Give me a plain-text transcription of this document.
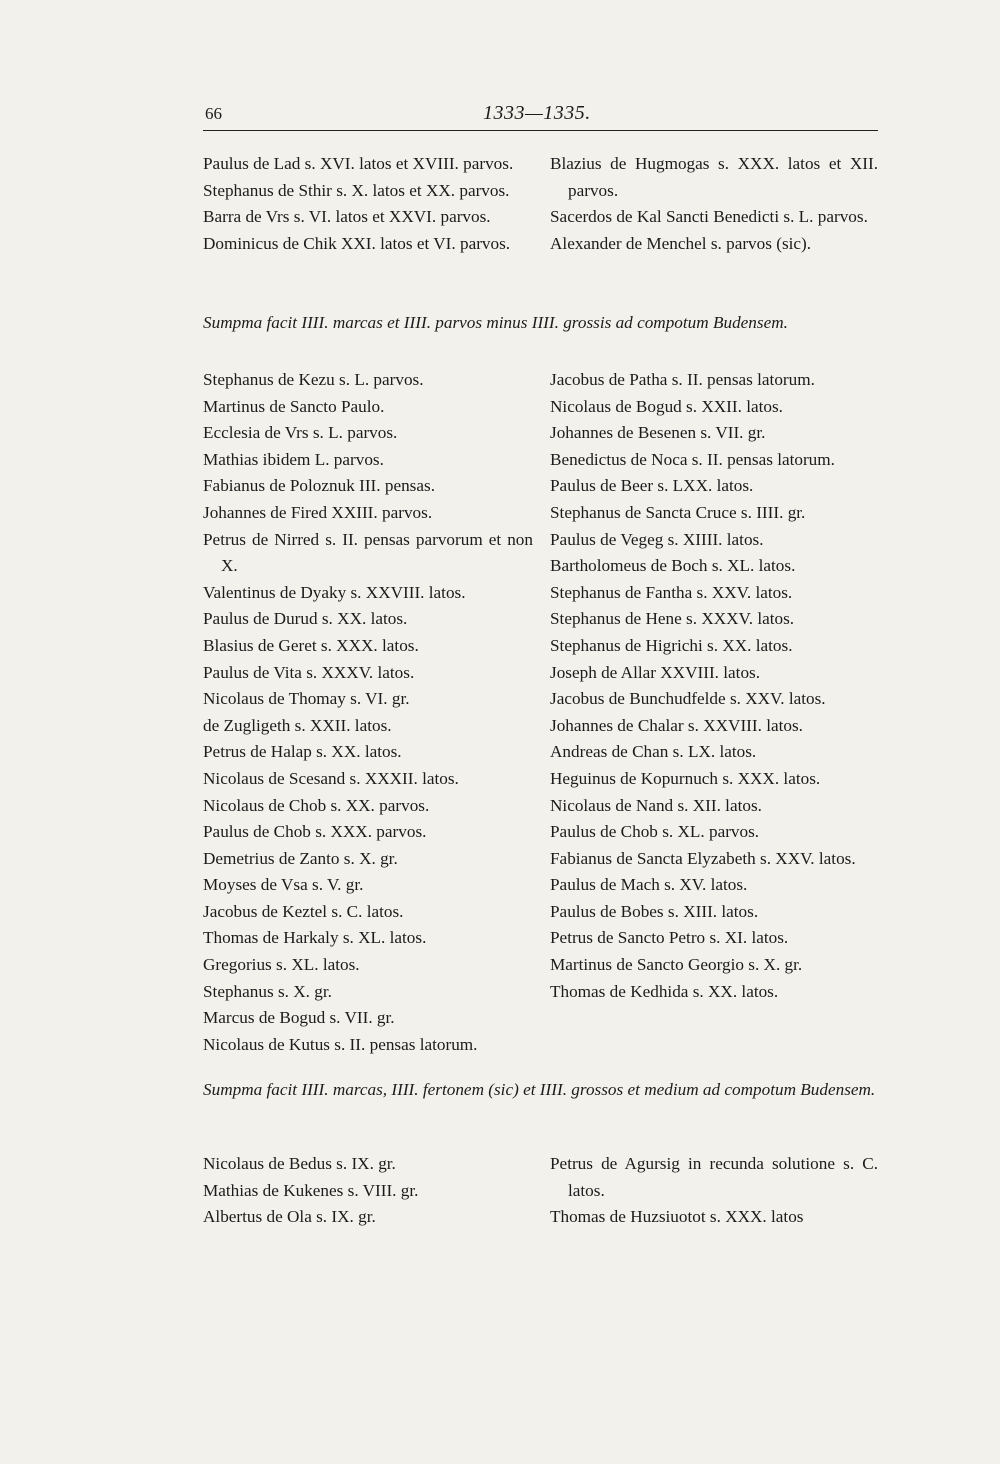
66	1333—1335.

Paulus de Lad s. XVI. latos et XVIII. parvos.

Stephanus de Sthir s. X. latos et XX. parvos.

Barra de Vrs s. VI. latos et XXVI. parvos.

Dominicus de Chik XXI. latos et VI. parvos.

Blazius de Hugmogas s. XXX. latos et XII. parvos.

Sacerdos de Kal Sancti Benedicti s. L. parvos.

Alexander de Menchel s. parvos (sic).

Sumpma facit IIII. marcas et IIII. parvos minus IIII. grossis ad compotum Budensem.

Stephanus de Kezu s. L. parvos.

Martinus de Sancto Paulo.

Ecclesia de Vrs s. L. parvos.

Mathias ibidem L. parvos.

Fabianus de Poloznuk III. pensas.

Johannes de Fired XXIII. parvos.

Petrus de Nirred s. II. pensas parvorum et non X.

Valentinus de Dyaky s. XXVIII. latos.

Paulus de Durud s. XX. latos.

Blasius de Geret s. XXX. latos.

Paulus de Vita s. XXXV. latos.

Nicolaus de Thomay s. VI. gr.

de Zugligeth s. XXII. latos.

Petrus de Halap s. XX. latos.

Nicolaus de Scesand s. XXXII. latos.

Nicolaus de Chob s. XX. parvos.

Paulus de Chob s. XXX. parvos.

Demetrius de Zanto s. X. gr.

Moyses de Vsa s. V. gr.

Jacobus de Keztel s. C. latos.

Thomas de Harkaly s. XL. latos.

Gregorius s. XL. latos.

Stephanus s. X. gr.

Marcus de Bogud s. VII. gr.

Nicolaus de Kutus s. II. pensas latorum.

Jacobus de Patha s. II. pensas latorum.

Nicolaus de Bogud s. XXII. latos.

Johannes de Besenen s. VII. gr.

Benedictus de Noca s. II. pensas latorum.

Paulus de Beer s. LXX. latos.

Stephanus de Sancta Cruce s. IIII. gr.

Paulus de Vegeg s. XIIII. latos.

Bartholomeus de Boch s. XL. latos.

Stephanus de Fantha s. XXV. latos.

Stephanus de Hene s. XXXV. latos.

Stephanus de Higrichi s. XX. latos.

Joseph de Allar XXVIII. latos.

Jacobus de Bunchudfelde s. XXV. latos.

Johannes de Chalar s. XXVIII. latos.

Andreas de Chan s. LX. latos.

Heguinus de Kopurnuch s. XXX. latos.

Nicolaus de Nand s. XII. latos.

Paulus de Chob s. XL. parvos.

Fabianus de Sancta Elyzabeth s. XXV. latos.

Paulus de Mach s. XV. latos.

Paulus de Bobes s. XIII. latos.

Petrus de Sancto Petro s. XI. latos.

Martinus de Sancto Georgio s. X. gr.

Thomas de Kedhida s. XX. latos.

Sumpma facit IIII. marcas, IIII. fertonem (sic) et IIII. grossos et medium ad compotum Budensem.

Nicolaus de Bedus s. IX. gr.

Mathias de Kukenes s. VIII. gr.

Albertus de Ola s. IX. gr.

Petrus de Agursig in recunda solutione s. C. latos.

Thomas de Huzsiuotot s. XXX. latos
